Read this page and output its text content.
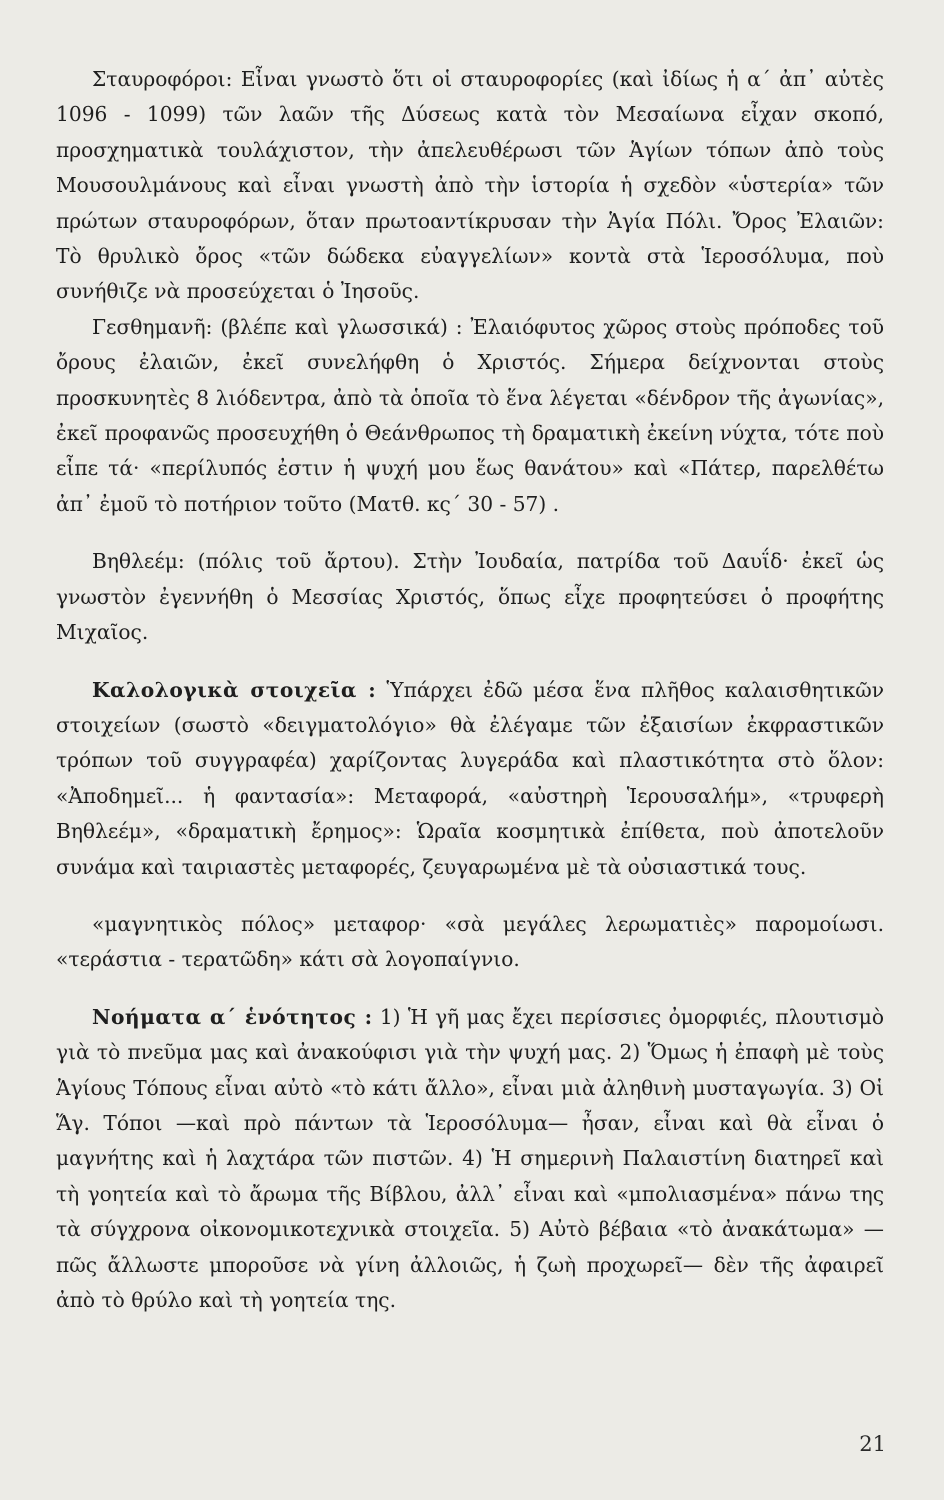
Σταυροφόροι: Εἶναι γνωστὸ ὅτι οἱ σταυροφορίες (καὶ ἰδίως ἡ α΄ ἀπ᾿ αὐτὲς 1096 - 1099) τῶν λαῶν τῆς Δύσεως κατὰ τὸν Μεσαίωνα εἶχαν σκοπό, προσχηματικὰ τουλάχιστον, τὴν ἀπελευθέρωσι τῶν Ἁγίων τόπων ἀπὸ τοὺς Μουσουλμάνους καὶ εἶναι γνωστὴ ἀπὸ τὴν ἱστορία ἡ σχεδὸν «ὑστερία» τῶν πρώτων σταυροφόρων, ὅταν πρωτοαντίκρυσαν τὴν Ἁγία Πόλι. Ὄρος Ἐλαιῶν: Τὸ θρυλικὸ ὄρος «τῶν δώδεκα εὐαγγελίων» κοντὰ στὰ Ἱεροσόλυμα, ποὺ συνήθιζε νὰ προσεύχεται ὁ Ἰησοῦς.

Γεσθημανῆ: (βλέπε καὶ γλωσσικά) : Ἐλαιόφυτος χῶρος στοὺς πρόποδες τοῦ ὄρους ἐλαιῶν, ἐκεῖ συνελήφθη ὁ Χριστός. Σήμερα δείχνονται στοὺς προσκυνητὲς 8 λιόδεντρα, ἀπὸ τὰ ὁποῖα τὸ ἕνα λέγεται «δένδρον τῆς ἀγωνίας», ἐκεῖ προφανῶς προσευχήθη ὁ Θεάνθρωπος τὴ δραματικὴ ἐκείνη νύχτα, τότε ποὺ εἶπε τά· «περίλυπός ἐστιν ἡ ψυχή μου ἕως θανάτου» καὶ «Πάτερ, παρελθέτω ἀπ᾿ ἐμοῦ τὸ ποτήριον τοῦτο (Ματθ. κς΄ 30 - 57) .

Βηθλεέμ: (πόλις τοῦ ἄρτου). Στὴν Ἰουδαία, πατρίδα τοῦ Δαυΐδ· ἐκεῖ ὡς γνωστὸν ἐγεννήθη ὁ Μεσσίας Χριστός, ὅπως εἶχε προφητεύσει ὁ προφήτης Μιχαῖος.

Καλολογικὰ στοιχεῖα : Ὑπάρχει ἐδῶ μέσα ἕνα πλῆθος καλαισθητικῶν στοιχείων (σωστὸ «δειγματολόγιο» θὰ ἐλέγαμε τῶν ἐξαισίων ἐκφραστικῶν τρόπων τοῦ συγγραφέα) χαρίζοντας λυγεράδα καὶ πλαστικότητα στὸ ὅλον: «Ἀποδημεῖ... ἡ φαντασία»: Μεταφορά, «αὐστηρὴ Ἱερουσαλήμ», «τρυφερὴ Βηθλεέμ», «δραματικὴ ἔρημος»: Ὡραῖα κοσμητικὰ ἐπίθετα, ποὺ ἀποτελοῦν συνάμα καὶ ταιριαστὲς μεταφορές, ζευγαρωμένα μὲ τὰ οὐσιαστικά τους.

«μαγνητικὸς πόλος» μεταφορ· «σὰ μεγάλες λερωματιὲς» παρομοίωσι. «τεράστια - τερατῶδη» κάτι σὰ λογοπαίγνιο.

Νοήματα α΄ ἑνότητος : 1) Ἡ γῆ μας ἔχει περίσσιες ὀμορφιές, πλουτισμὸ γιὰ τὸ πνεῦμα μας καὶ ἀνακούφισι γιὰ τὴν ψυχή μας. 2) Ὅμως ἡ ἐπαφὴ μὲ τοὺς Ἁγίους Τόπους εἶναι αὐτὸ «τὸ κάτι ἄλλο», εἶναι μιὰ ἀληθινὴ μυσταγωγία. 3) Οἱ Ἅγ. Τόποι —καὶ πρὸ πάντων τὰ Ἱεροσόλυμα— ἦσαν, εἶναι καὶ θὰ εἶναι ὁ μαγνήτης καὶ ἡ λαχτάρα τῶν πιστῶν. 4) Ἡ σημερινὴ Παλαιστίνη διατηρεῖ καὶ τὴ γοητεία καὶ τὸ ἄρωμα τῆς Βίβλου, ἀλλ᾿ εἶναι καὶ «μπολιασμένα» πάνω της τὰ σύγχρονα οἰκονομικοτεχνικὰ στοιχεῖα. 5) Αὐτὸ βέβαια «τὸ ἀνακάτωμα» —πῶς ἄλλωστε μποροῦσε νὰ γίνη ἀλλοιῶς, ἡ ζωὴ προχωρεῖ— δὲν τῆς ἀφαιρεῖ ἀπὸ τὸ θρύλο καὶ τὴ γοητεία της.

21
